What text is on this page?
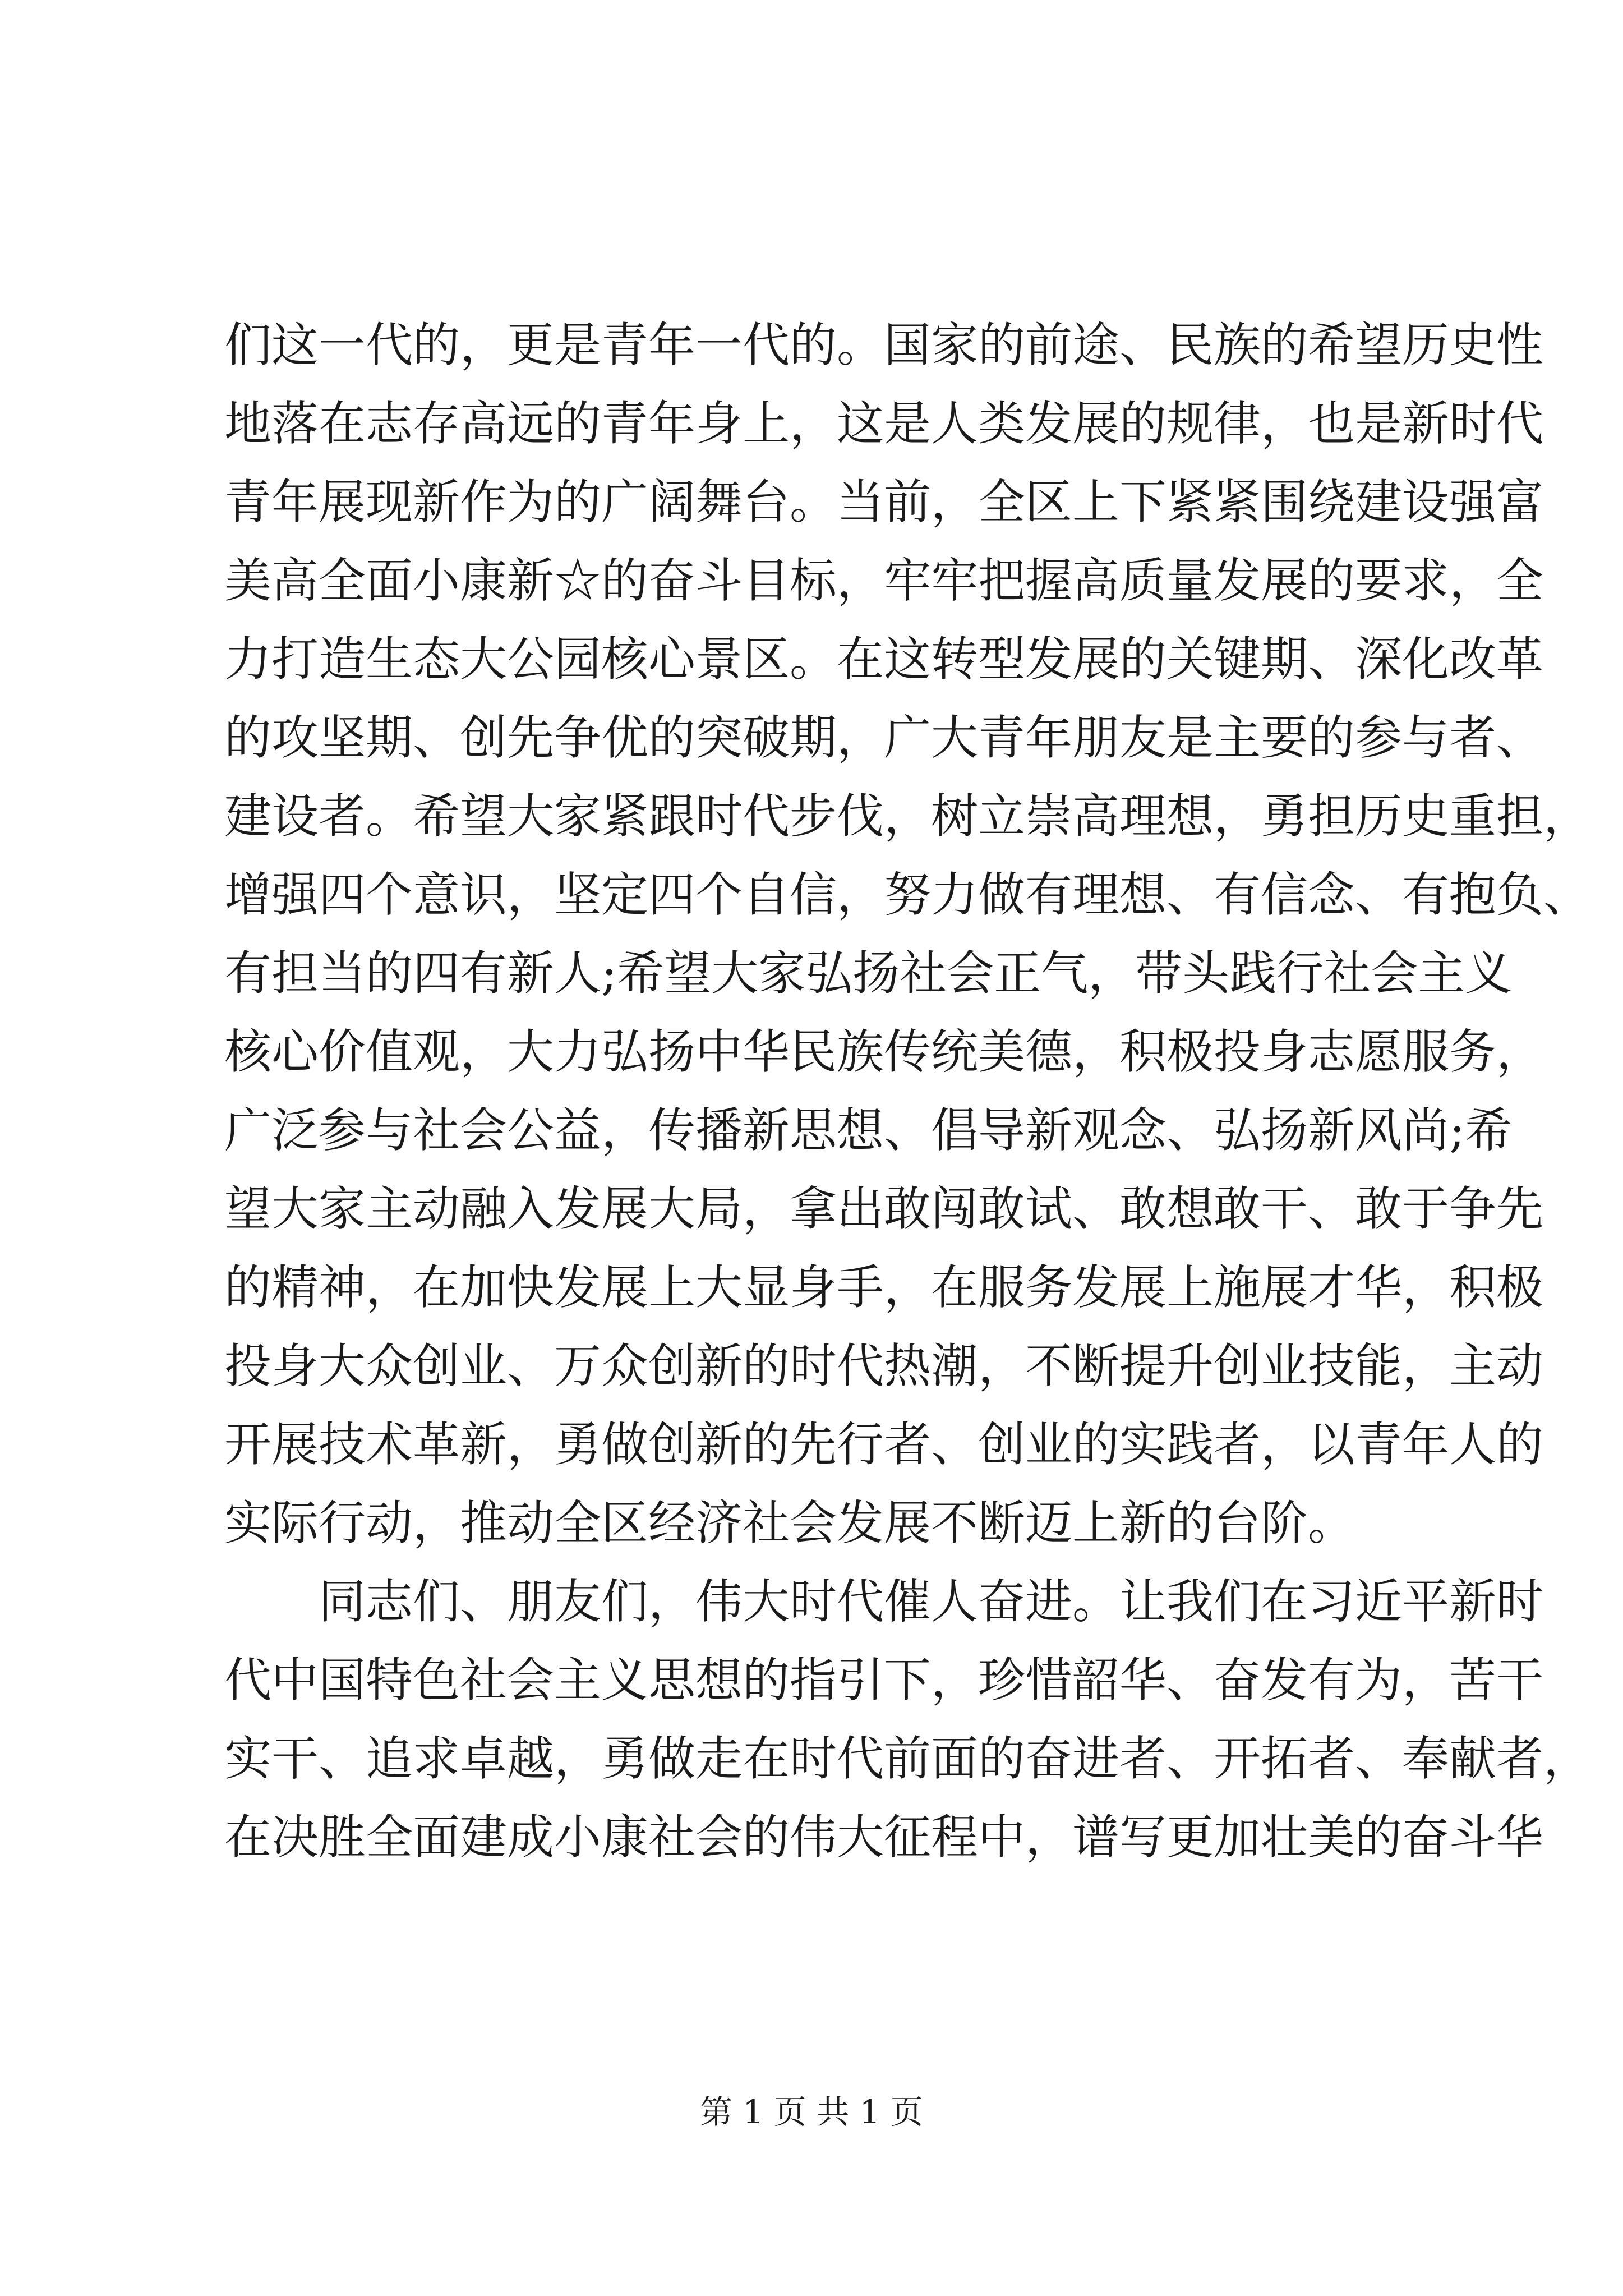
们这一代的，更是青年一代的。国家的前途、民族的希望历史性
地落在志存高远的青年身上，这是人类发展的规律，也是新时代
青年展现新作为的广阔舞台。当前，全区上下紧紧围绕建设强富
美高全面小康新☆的奋斗目标，牢牢把握高质量发展的要求，全
力打造生态大公园核心景区。在这转型发展的关键期、深化改革
的攻坚期、创先争优的突破期，广大青年朋友是主要的参与者、
建设者。希望大家紧跟时代步伐，树立崇高理想，勇担历史重担，
增强四个意识，坚定四个自信，努力做有理想、有信念、有抱负、
有担当的四有新人;希望大家弘扬社会正气，带头践行社会主义
核心价值观，大力弘扬中华民族传统美德，积极投身志愿服务，
广泛参与社会公益，传播新思想、倡导新观念、弘扬新风尚;希
望大家主动融入发展大局，拿出敢闯敢试、敢想敢干、敢于争先
的精神，在加快发展上大显身手，在服务发展上施展才华，积极
投身大众创业、万众创新的时代热潮，不断提升创业技能，主动
开展技术革新，勇做创新的先行者、创业的实践者，以青年人的
实际行动，推动全区经济社会发展不断迈上新的台阶。
同志们、朋友们，伟大时代催人奋进。让我们在习近平新时
代中国特色社会主义思想的指引下，珍惜韶华、奋发有为，苦干
实干、追求卓越，勇做走在时代前面的奋进者、开拓者、奉献者，
在决胜全面建成小康社会的伟大征程中，谱写更加壮美的奋斗华
第 1 页 共 1 页
